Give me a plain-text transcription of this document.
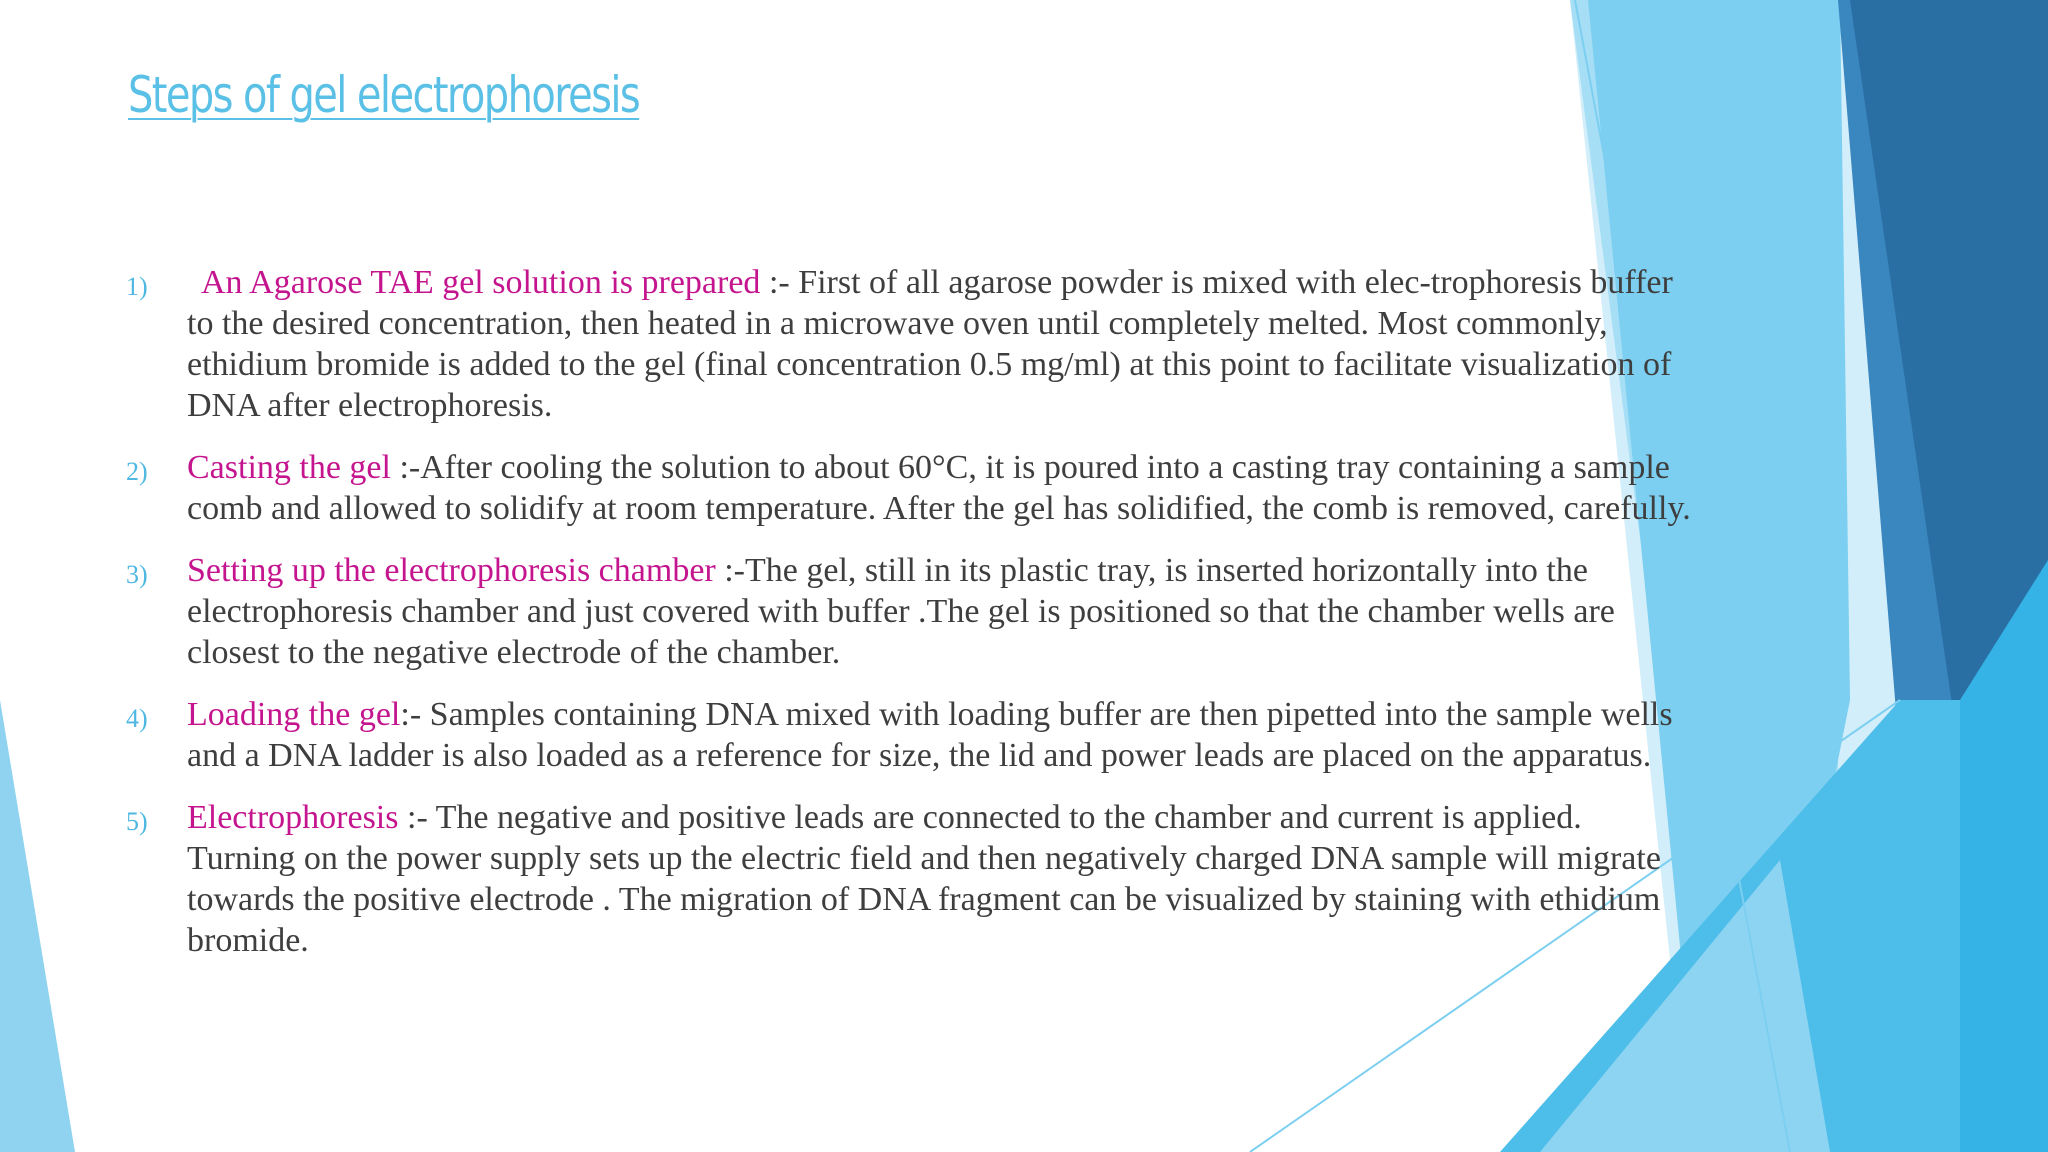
Steps of gel electrophoresis
1) An Agarose TAE gel solution is prepared :- First of all agarose powder is mixed with elec-trophoresis buffer to the desired concentration, then heated in a microwave oven until completely melted. Most commonly, ethidium bromide is added to the gel (final concentration 0.5 mg/ml) at this point to facilitate visualization of DNA after electrophoresis.
2) Casting the gel :-After cooling the solution to about 60°C, it is poured into a casting tray containing a sample comb and allowed to solidify at room temperature. After the gel has solidified, the comb is removed, carefully.
3) Setting up the electrophoresis chamber :-The gel, still in its plastic tray, is inserted horizontally into the electrophoresis chamber and just covered with buffer .The gel is positioned so that the chamber wells are closest to the negative electrode of the chamber.
4) Loading the gel:- Samples containing DNA mixed with loading buffer are then pipetted into the sample wells and a DNA ladder is also loaded as a reference for size, the lid and power leads are placed on the apparatus.
5) Electrophoresis :- The negative and positive leads are connected to the chamber and current is applied. Turning on the power supply sets up the electric field and then negatively charged DNA sample will migrate towards the positive electrode . The migration of DNA fragment can be visualized by staining with ethidium bromide.
